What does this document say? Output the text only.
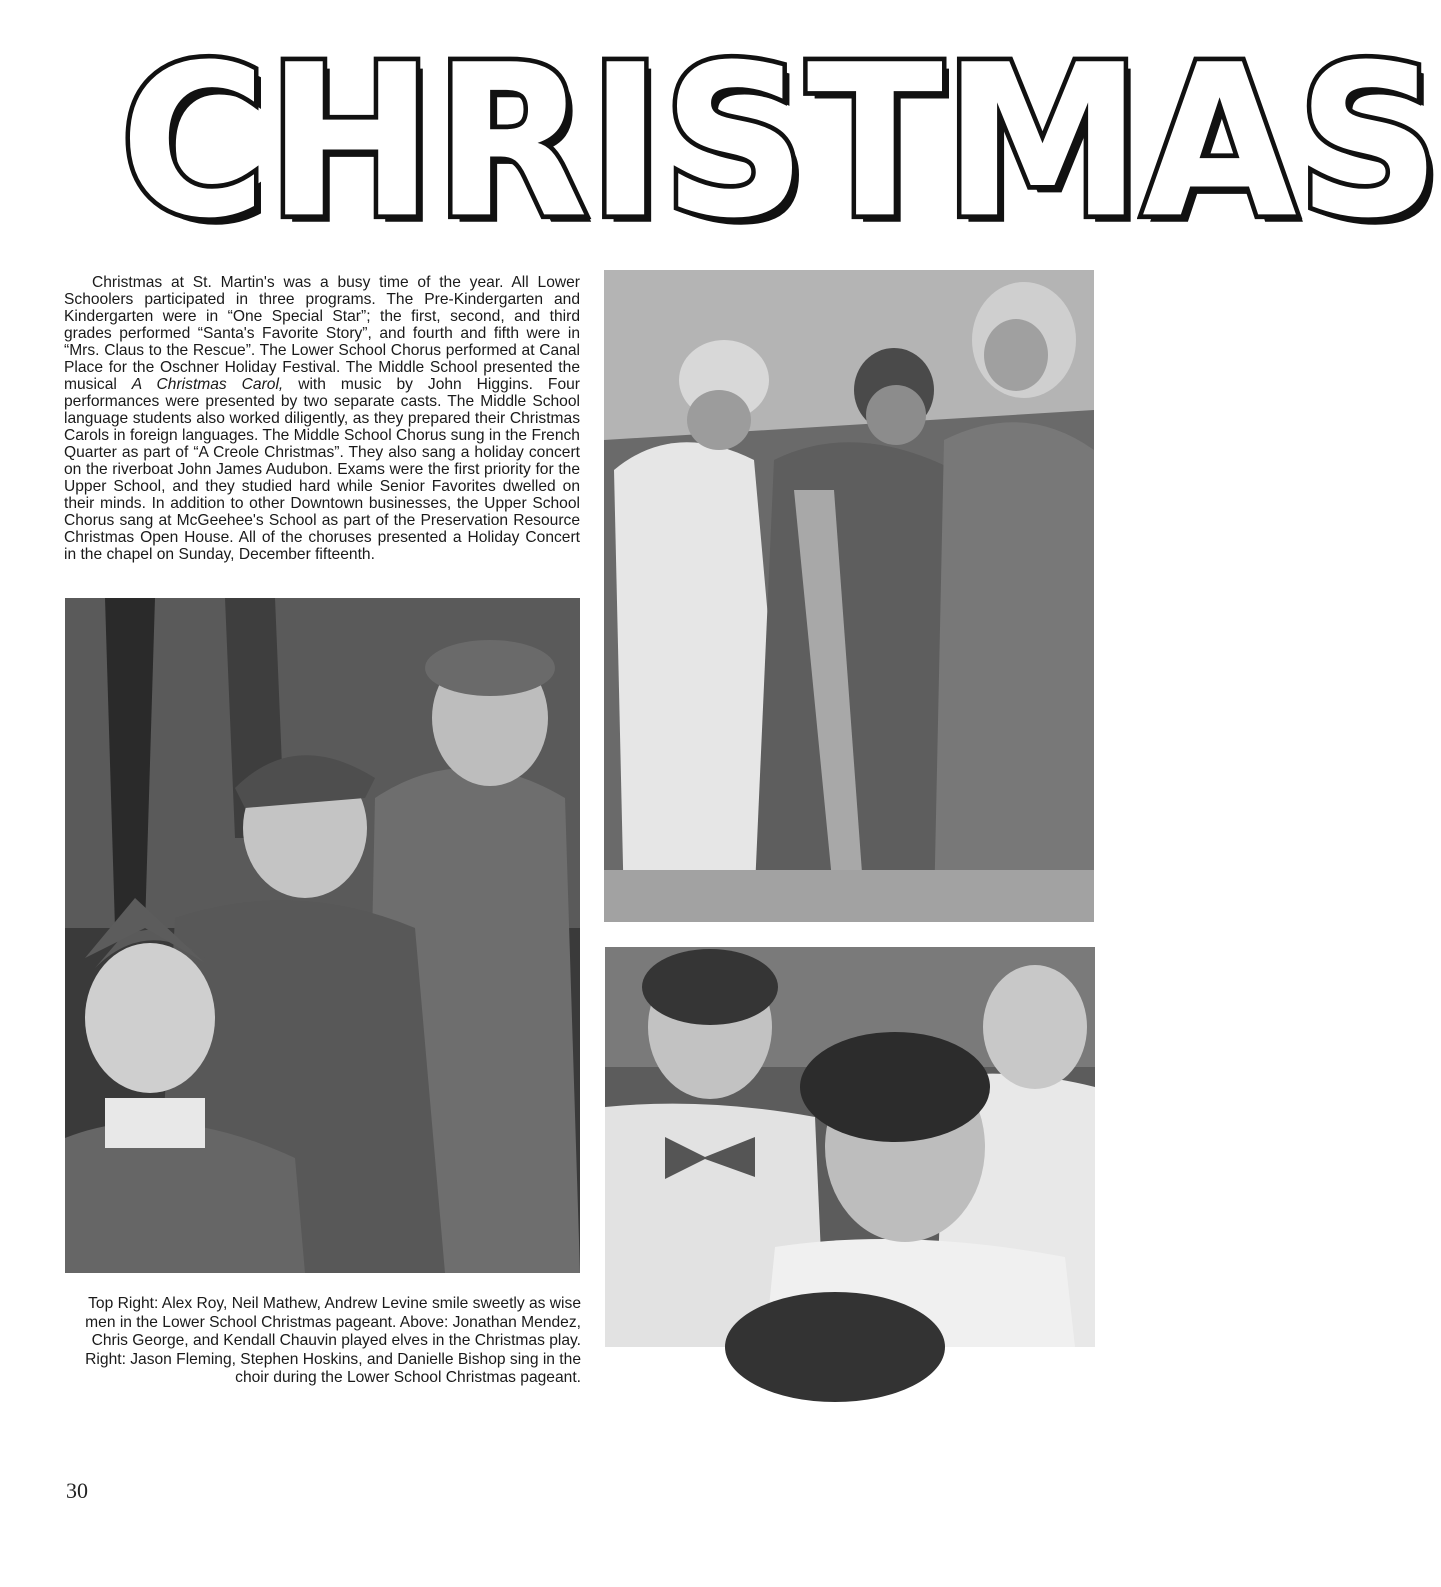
C H R I S T M A S

Christmas at St. Martin's was a busy time of the year. All Lower Schoolers participated in three programs. The Pre-Kindergarten and Kindergarten were in “One Special Star”; the first, second, and third grades performed “Santa's Favorite Story”, and fourth and fifth were in “Mrs. Claus to the Rescue”. The Lower School Chorus performed at Canal Place for the Oschner Holiday Festival. The Middle School presented the musical A Christmas Carol, with music by John Higgins. Four performances were presented by two separate casts. The Middle School language students also worked diligently, as they prepared their Christmas Carols in foreign languages. The Middle School Chorus sung in the French Quarter as part of “A Creole Christmas”. They also sang a holiday concert on the riverboat John James Audubon. Exams were the first priority for the Upper School, and they studied hard while Senior Favorites dwelled on their minds. In addition to other Downtown businesses, the Upper School Chorus sang at McGeehee's School as part of the Preservation Resource Christmas Open House. All of the choruses presented a Holiday Concert in the chapel on Sunday, December fifteenth.

Top Right: Alex Roy, Neil Mathew, Andrew Levine smile sweetly as wise men in the Lower School Christmas pageant. Above: Jonathan Mendez, Chris George, and Kendall Chauvin played elves in the Christmas play. Right: Jason Fleming, Stephen Hoskins, and Danielle Bishop sing in the choir during the Lower School Christmas pageant.

30
